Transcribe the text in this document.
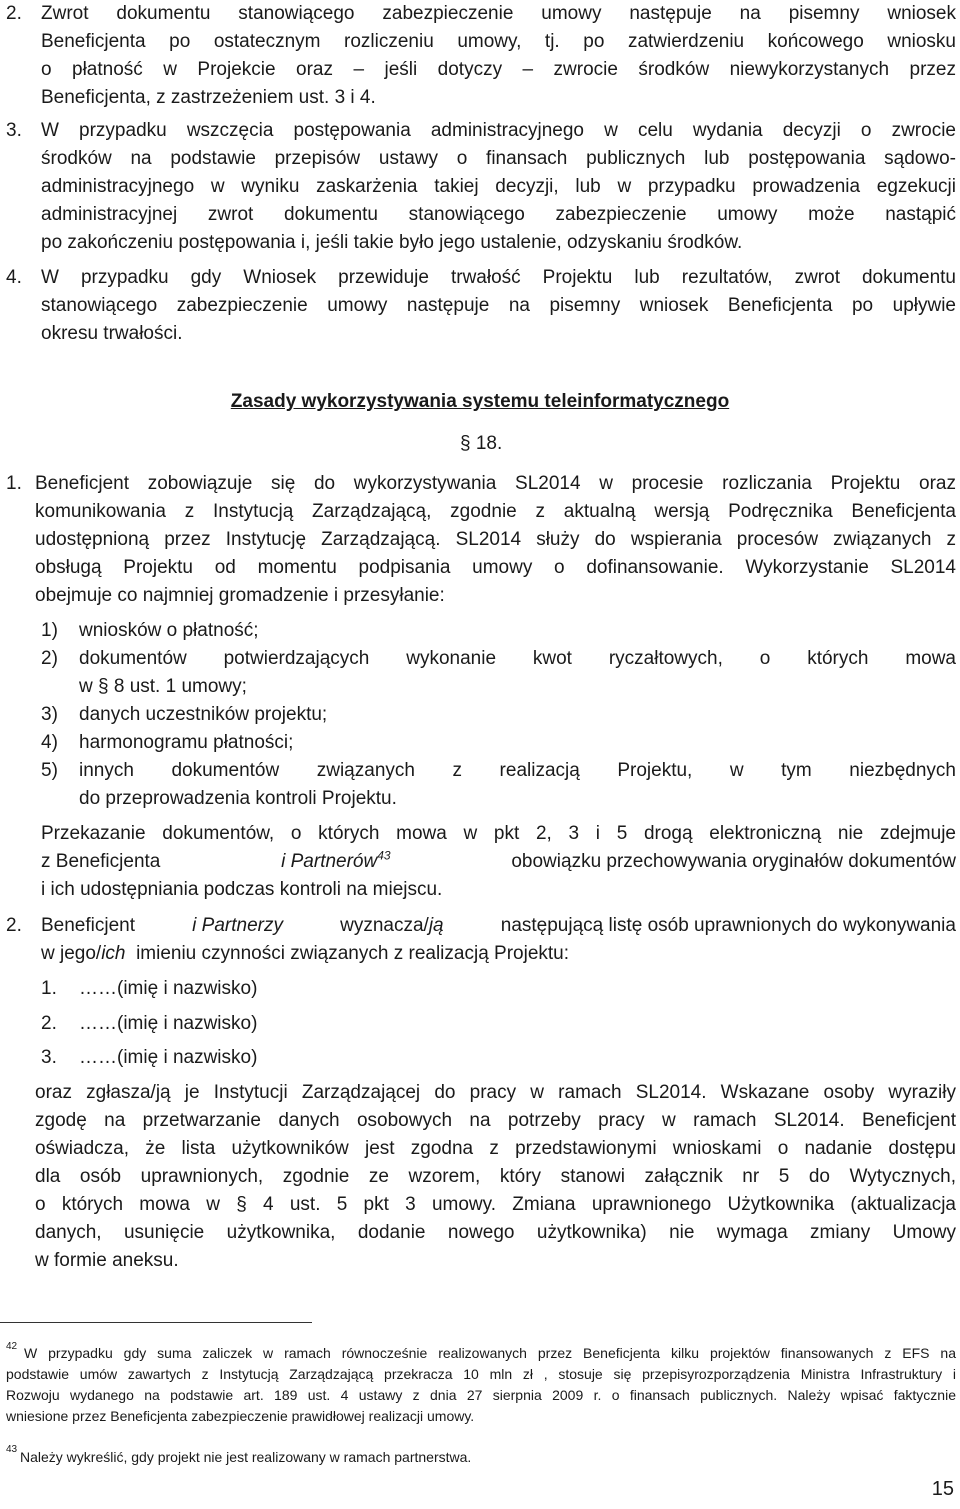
2. Zwrot dokumentu stanowiącego zabezpieczenie umowy następuje na pisemny wniosek
Beneficjenta po ostatecznym rozliczeniu umowy, tj. po zatwierdzeniu końcowego wniosku
o płatność w Projekcie oraz – jeśli dotyczy – zwrocie środków niewykorzystanych przez
Beneficjenta, z zastrzeżeniem ust. 3 i 4.
3. W przypadku wszczęcia postępowania administracyjnego w celu wydania decyzji o zwrocie
środków na podstawie przepisów ustawy o finansach publicznych lub postępowania sądowo-
administracyjnego w wyniku zaskarżenia takiej decyzji, lub w przypadku prowadzenia egzekucji
administracyjnej zwrot dokumentu stanowiącego zabezpieczenie umowy może nastąpić
po zakończeniu postępowania i, jeśli takie było jego ustalenie, odzyskaniu środków.
4. W przypadku gdy Wniosek przewiduje trwałość Projektu lub rezultatów, zwrot dokumentu
stanowiącego zabezpieczenie umowy następuje na pisemny wniosek Beneficjenta po upływie
okresu trwałości.
Zasady wykorzystywania systemu teleinformatycznego
§ 18.
1. Beneficjent zobowiązuje się do wykorzystywania SL2014 w procesie rozliczania Projektu oraz
komunikowania z Instytucją Zarządzającą, zgodnie z aktualną wersją Podręcznika Beneficjenta
udostępnioną przez Instytucję Zarządzającą. SL2014 służy do wspierania procesów związanych z
obsługą Projektu od momentu podpisania umowy o dofinansowanie. Wykorzystanie SL2014
obejmuje co najmniej gromadzenie i przesyłanie:
1) wniosków o płatność;
2) dokumentów potwierdzających wykonanie kwot ryczałtowych, o których mowa
w § 8 ust. 1 umowy;
3) danych uczestników projektu;
4) harmonogramu płatności;
5) innych dokumentów związanych z realizacją Projektu, w tym niezbędnych
do przeprowadzenia kontroli Projektu.
Przekazanie dokumentów, o których mowa w pkt 2, 3 i 5 drogą elektroniczną nie zdejmuje
z Beneficjenta	i Partnerów$^{43}$	obowiązku przechowywania oryginałów dokumentów
i ich udostępniania podczas kontroli na miejscu.
2. Beneficjent	i Partnerzy	wyznacza/ją	następującą listę osób uprawnionych do wykonywania
w jego/ich imieniu czynności związanych z realizacją Projektu:
1. ……(imię i nazwisko)
2. ……(imię i nazwisko)
3. ……(imię i nazwisko)
oraz zgłasza/ją je Instytucji Zarządzającej do pracy w ramach SL2014. Wskazane osoby wyraziły
zgodę na przetwarzanie danych osobowych na potrzeby pracy w ramach SL2014. Beneficjent
oświadcza, że lista użytkowników jest zgodna z przedstawionymi wnioskami o nadanie dostępu
dla osób uprawnionych, zgodnie ze wzorem, który stanowi załącznik nr 5 do Wytycznych,
o których mowa w § 4 ust. 5 pkt 3 umowy. Zmiana uprawnionego Użytkownika (aktualizacja
danych, usunięcie użytkownika, dodanie nowego użytkownika) nie wymaga zmiany Umowy
w formie aneksu.
42 W przypadku gdy suma zaliczek w ramach równocześnie realizowanych przez Beneficjenta kilku projektów finansowanych z EFS na
podstawie umów zawartych z Instytucją Zarządzającą przekracza 10 mln zł , stosuje się przepisyrozporządzenia Ministra Infrastruktury i
Rozwoju wydanego na podstawie art. 189 ust. 4 ustawy z dnia 27 sierpnia 2009 r. o finansach publicznych. Należy wpisać faktycznie
wniesione przez Beneficjenta zabezpieczenie prawidłowej realizacji umowy.
43 Należy wykreślić, gdy projekt nie jest realizowany w ramach partnerstwa.
15
